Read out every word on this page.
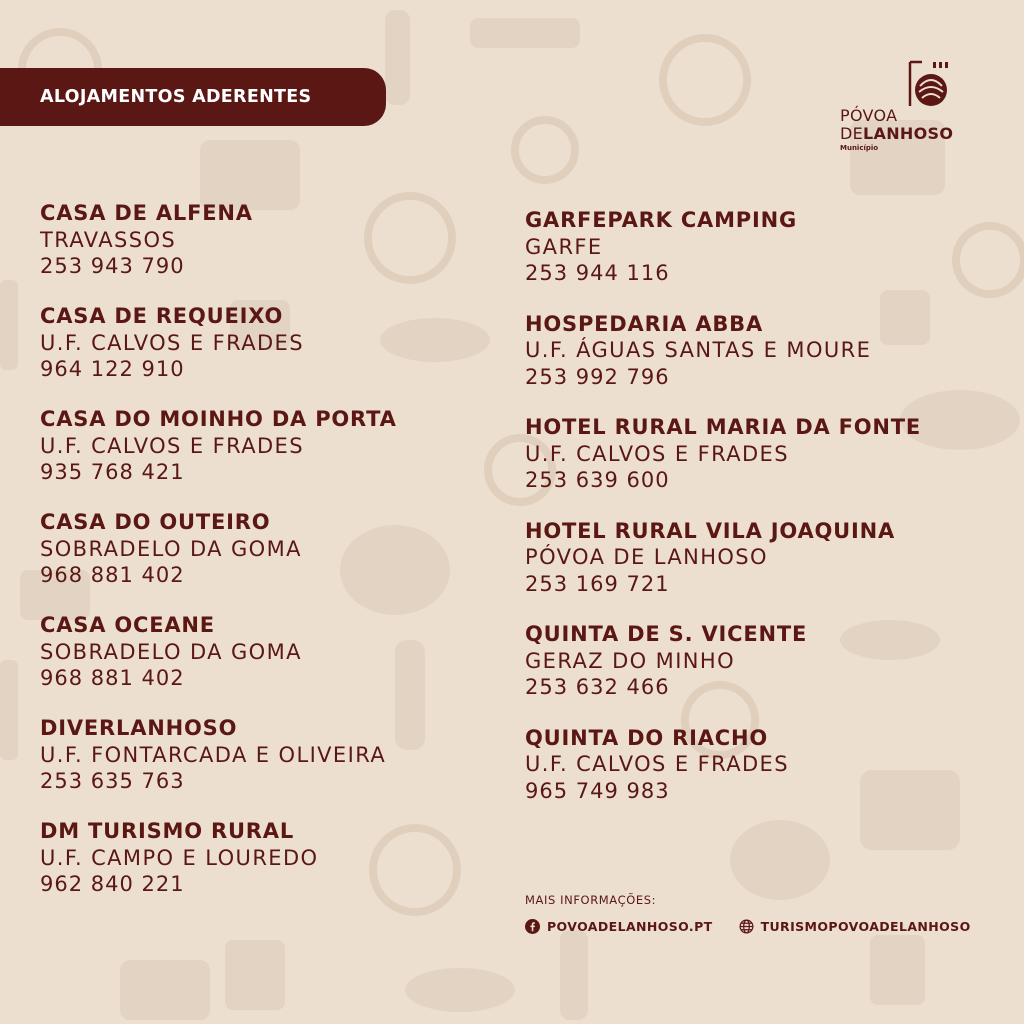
ALOJAMENTOS ADERENTES
PÓVOA
DELANHOSO
Município
CASA DE ALFENA
TRAVASSOS
253 943 790
CASA DE REQUEIXO
U.F. CALVOS E FRADES
964 122 910
CASA DO MOINHO DA PORTA
U.F. CALVOS E FRADES
935 768 421
CASA DO OUTEIRO
SOBRADELO DA GOMA
968 881 402
CASA OCEANE
SOBRADELO DA GOMA
968 881 402
DIVERLANHOSO
U.F. FONTARCADA E OLIVEIRA
253 635 763
DM TURISMO RURAL
U.F. CAMPO E LOUREDO
962 840 221
GARFEPARK CAMPING
GARFE
253 944 116
HOSPEDARIA ABBA
U.F. ÁGUAS SANTAS E MOURE
253 992 796
HOTEL RURAL MARIA DA FONTE
U.F. CALVOS E FRADES
253 639 600
HOTEL RURAL VILA JOAQUINA
PÓVOA DE LANHOSO
253 169 721
QUINTA DE S. VICENTE
GERAZ DO MINHO
253 632 466
QUINTA DO RIACHO
U.F. CALVOS E FRADES
965 749 983
MAIS INFORMAÇÕES:
POVOADELANHOSO.PT	TURISMOPOVOADELANHOSO
